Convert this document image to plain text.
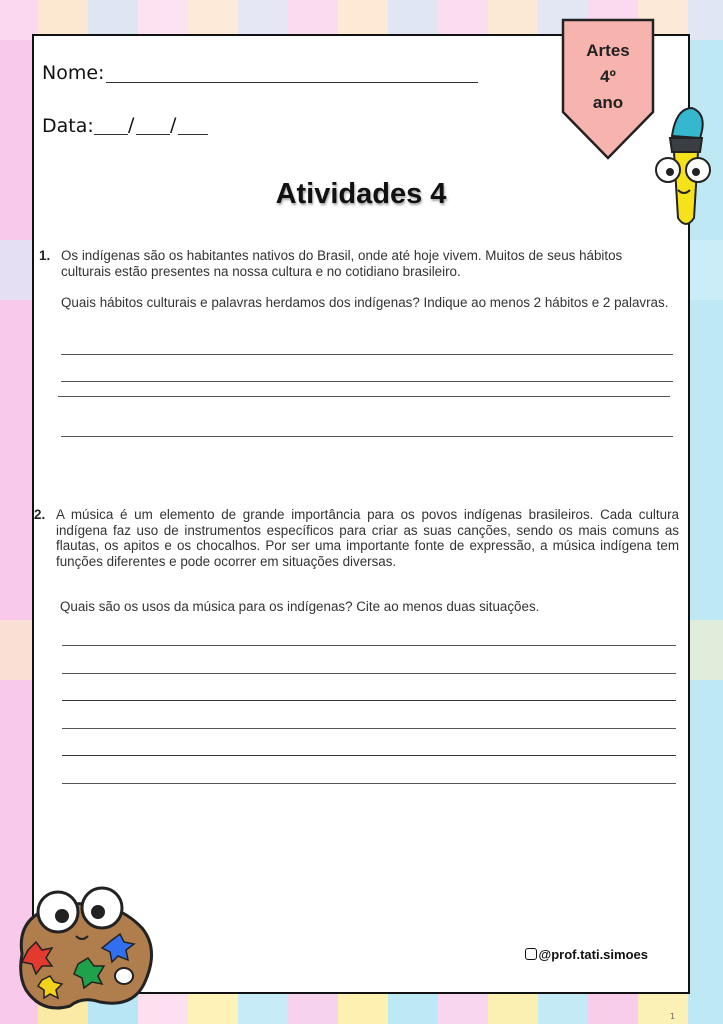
Nome:
Data: / /
Atividades 4
1. Os indígenas são os habitantes nativos do Brasil, onde até hoje vivem. Muitos de seus hábitos culturais estão presentes na nossa cultura e no cotidiano brasileiro.
Quais hábitos culturais e palavras herdamos dos indígenas? Indique ao menos 2 hábitos e 2 palavras.
2. A música é um elemento de grande importância para os povos indígenas brasileiros. Cada cultura indígena faz uso de instrumentos específicos para criar as suas canções, sendo os mais comuns as flautas, os apitos e os chocalhos. Por ser uma importante fonte de expressão, a música indígena tem funções diferentes e pode ocorrer em situações diversas.
Quais são os usos da música para os indígenas? Cite ao menos duas situações.
@prof.tati.simoes
Artes
4º
ano
1
